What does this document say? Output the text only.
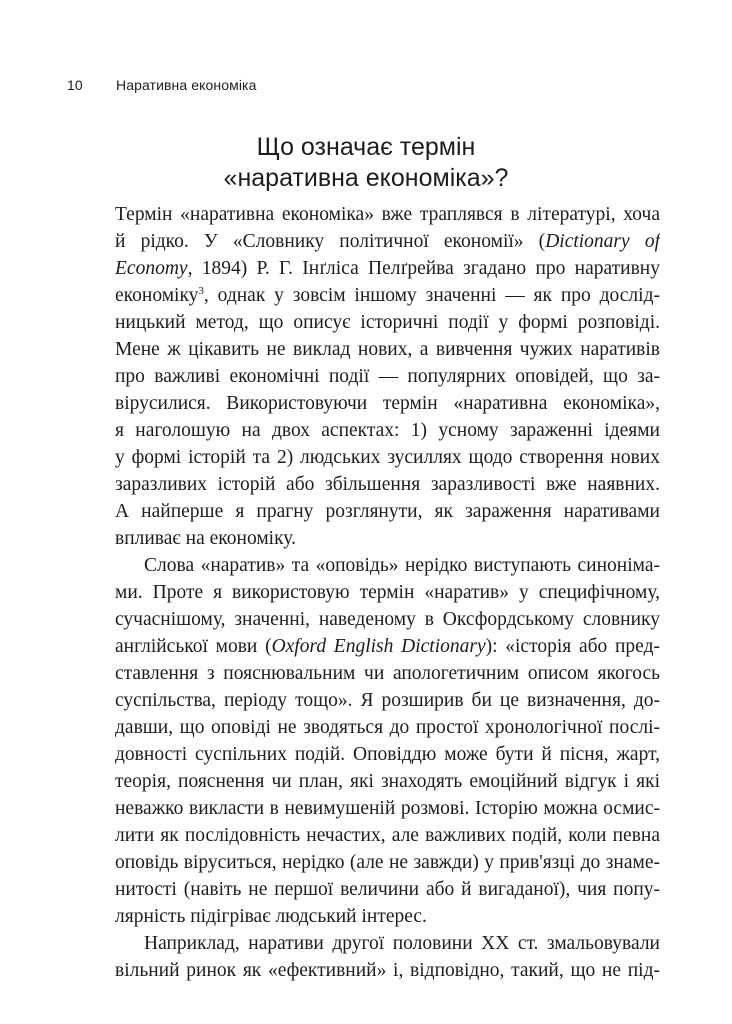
10 Наративна економіка
Що означає термін
«наративна економіка»?
Термін «наративна економіка» вже траплявся в літературі, хоча
й рідко. У «Словнику політичної економії» (Dictionary of
Economy, 1894) Р. Г. Інґліса Пелґрейва згадано про наративну
економіку$^3$, однак у зовсім іншому значенні — як про дослід-
ницький метод, що описує історичні події у формі розповіді.
Мене ж цікавить не виклад нових, а вивчення чужих наративів
про важливі економічні події — популярних оповідей, що за-
вірусилися. Використовуючи термін «наративна економіка»,
я наголошую на двох аспектах: 1) усному зараженні ідеями
у формі історій та 2) людських зусиллях щодо створення нових
заразливих історій або збільшення заразливості вже наявних.
А найперше я прагну розглянути, як зараження наративами
впливає на економіку.
Слова «наратив» та «оповідь» нерідко виступають синоніма-
ми. Проте я використовую термін «наратив» у специфічному,
сучаснішому, значенні, наведеному в Оксфордському словнику
англійської мови (Oxford English Dictionary): «історія або пред-
ставлення з пояснювальним чи апологетичним описом якогось
суспільства, періоду тощо». Я розширив би це визначення, до-
давши, що оповіді не зводяться до простої хронологічної послі-
довності суспільних подій. Оповіддю може бути й пісня, жарт,
теорія, пояснення чи план, які знаходять емоційний відгук і які
неважко викласти в невимушеній розмові. Історію можна осмис-
лити як послідовність нечастих, але важливих подій, коли певна
оповідь віруситься, нерідко (але не завжди) у прив'язці до знаме-
нитості (навіть не першої величини або й вигаданої), чия попу-
лярність підігріває людський інтерес.
Наприклад, наративи другої половини XX ст. змальовували
вільний ринок як «ефективний» і, відповідно, такий, що не під-
